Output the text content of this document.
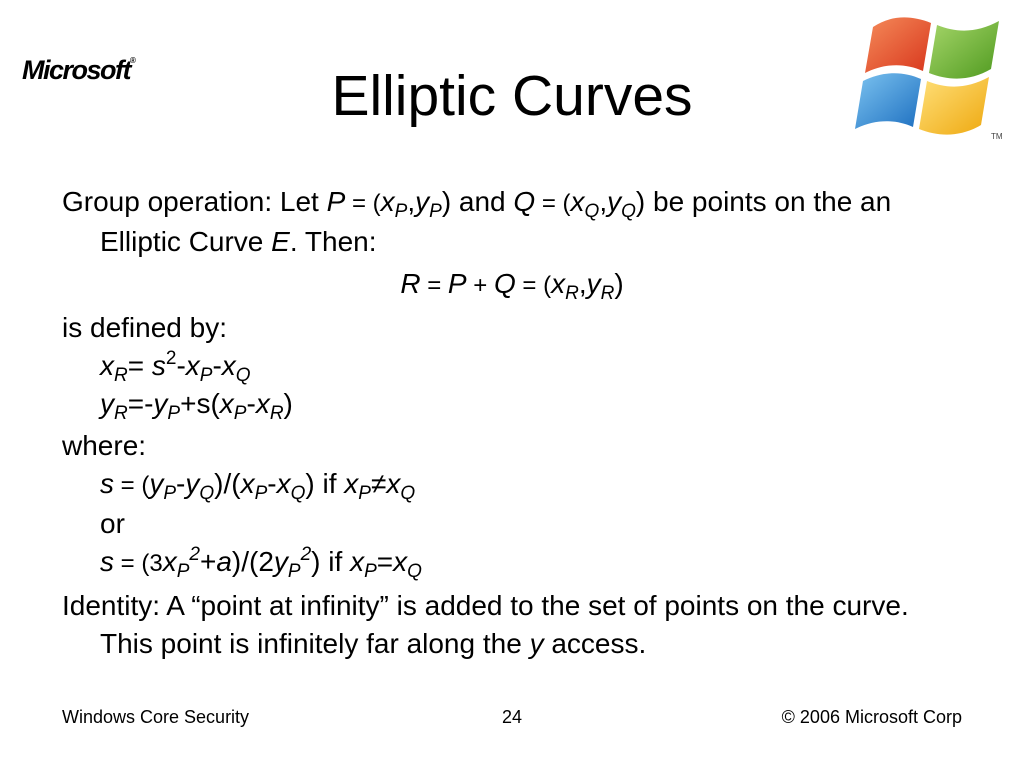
Microsoft®
TM
Elliptic Curves

Group operation: Let $P = (x_P,y_P)$ and $Q = (x_Q,y_Q)$ be points on the an Elliptic Curve E. Then:

$R = P + Q = (x_R,y_R)$

is defined by:

$x_R= s^2-x_P-x_Q$

$y_R=-y_P+s(x_P-x_R)$

where:

$s = (y_P-y_Q)/(x_P-x_Q)$ if $x_P\ne x_Q$

or

$s = (3x_P^2+a)/(2y_P^2)$ if $x_P=x_Q$

Identity: A “point at infinity” is added to the set of points on the curve. This point is infinitely far along the y access.

Windows Core Security	24	© 2006 Microsoft Corp
